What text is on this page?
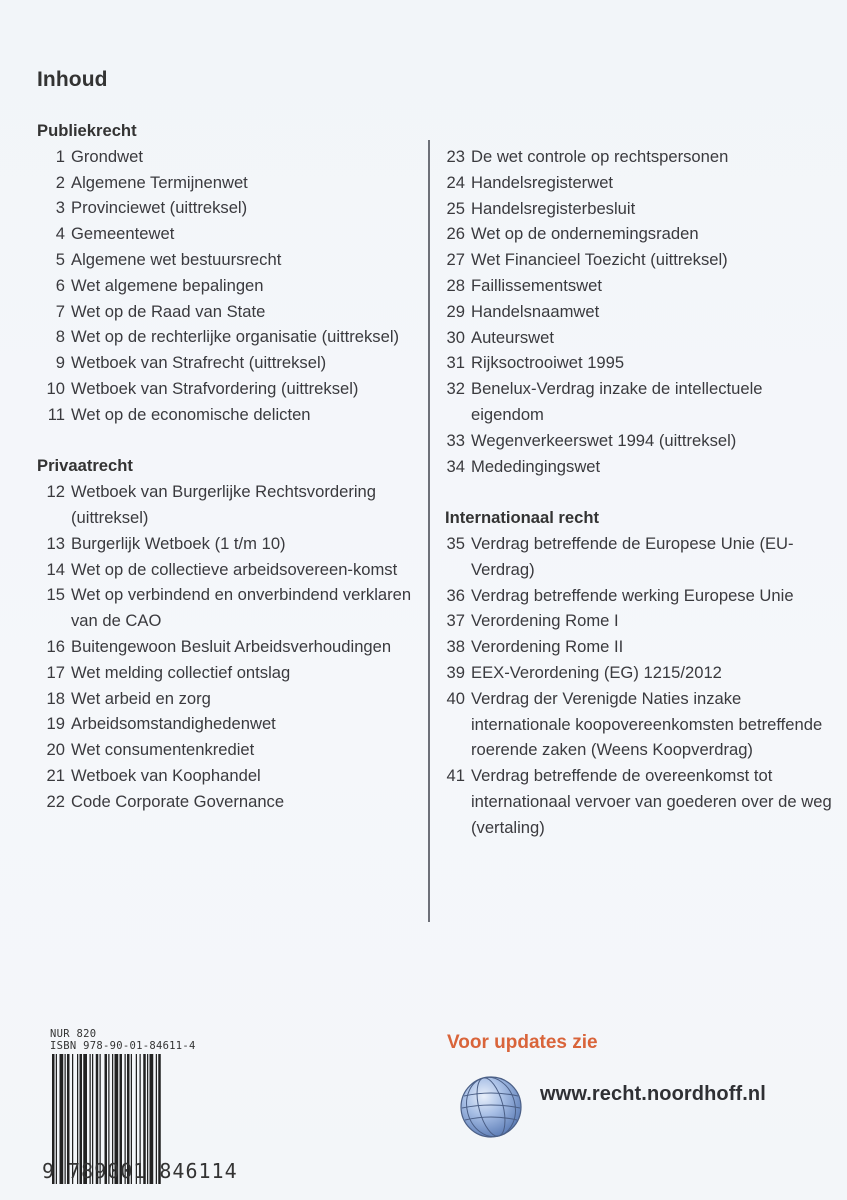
Inhoud
Publiekrecht
1 Grondwet
2 Algemene Termijnenwet
3 Provinciewet (uittreksel)
4 Gemeentewet
5 Algemene wet bestuursrecht
6 Wet algemene bepalingen
7 Wet op de Raad van State
8 Wet op de rechterlijke organisatie (uittreksel)
9 Wetboek van Strafrecht (uittreksel)
10 Wetboek van Strafvordering (uittreksel)
11 Wet op de economische delicten
Privaatrecht
12 Wetboek van Burgerlijke Rechtsvordering (uittreksel)
13 Burgerlijk Wetboek (1 t/m 10)
14 Wet op de collectieve arbeidsovereen-komst
15 Wet op verbindend en onverbindend verklaren van de CAO
16 Buitengewoon Besluit Arbeidsverhoudingen
17 Wet melding collectief ontslag
18 Wet arbeid en zorg
19 Arbeidsomstandighedenwet
20 Wet consumentenkrediet
21 Wetboek van Koophandel
22 Code Corporate Governance
23 De wet controle op rechtspersonen
24 Handelsregisterwet
25 Handelsregisterbesluit
26 Wet op de ondernemingsraden
27 Wet Financieel Toezicht (uittreksel)
28 Faillissementswet
29 Handelsnaamwet
30 Auteurswet
31 Rijksoctrooiwet 1995
32 Benelux-Verdrag inzake de intellectuele eigendom
33 Wegenverkeerswet 1994 (uittreksel)
34 Mededingingswet
Internationaal recht
35 Verdrag betreffende de Europese Unie (EU-Verdrag)
36 Verdrag betreffende werking Europese Unie
37 Verordening Rome I
38 Verordening Rome II
39 EEX-Verordening (EG) 1215/2012
40 Verdrag der Verenigde Naties inzake internationale koopovereenkomsten betreffende roerende zaken (Weens Koopverdrag)
41 Verdrag betreffende de overeenkomst tot internationaal vervoer van goederen over de weg (vertaling)
NUR 820
ISBN 978-90-01-84611-4
9 789001 846114
Voor updates zie
www.recht.noordhoff.nl
